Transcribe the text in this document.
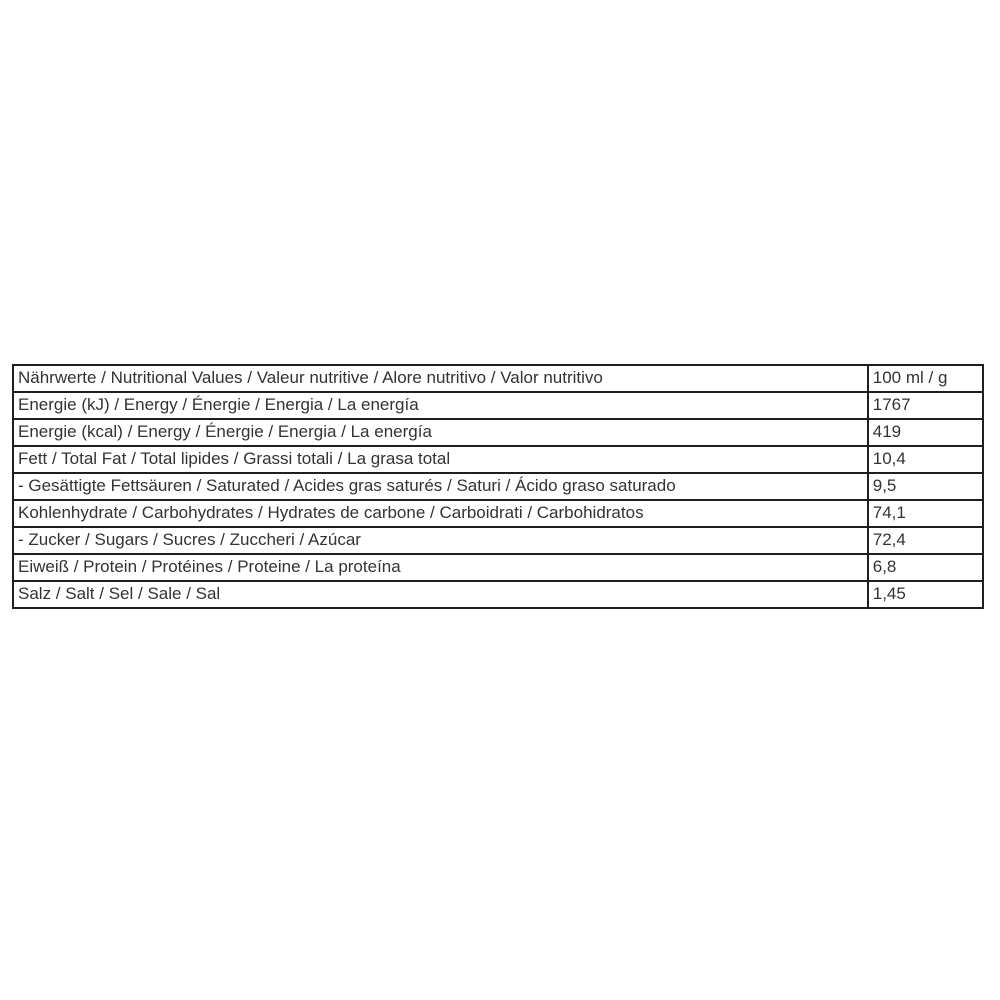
Nährwerte / Nutritional Values / Valeur nutritive / Alore nutritivo / Valor nutritivo	100 ml / g
Energie (kJ) / Energy / Énergie / Energia / La energía	1767
Energie (kcal) / Energy / Énergie / Energia / La energía	419
Fett / Total Fat / Total lipides / Grassi totali / La grasa total	10,4
- Gesättigte Fettsäuren / Saturated / Acides gras saturés / Saturi / Ácido graso saturado	9,5
Kohlenhydrate / Carbohydrates / Hydrates de carbone / Carboidrati / Carbohidratos	74,1
- Zucker / Sugars / Sucres / Zuccheri / Azúcar	72,4
Eiweiß / Protein / Protéines / Proteine / La proteína	6,8
Salz / Salt / Sel / Sale / Sal	1,45
